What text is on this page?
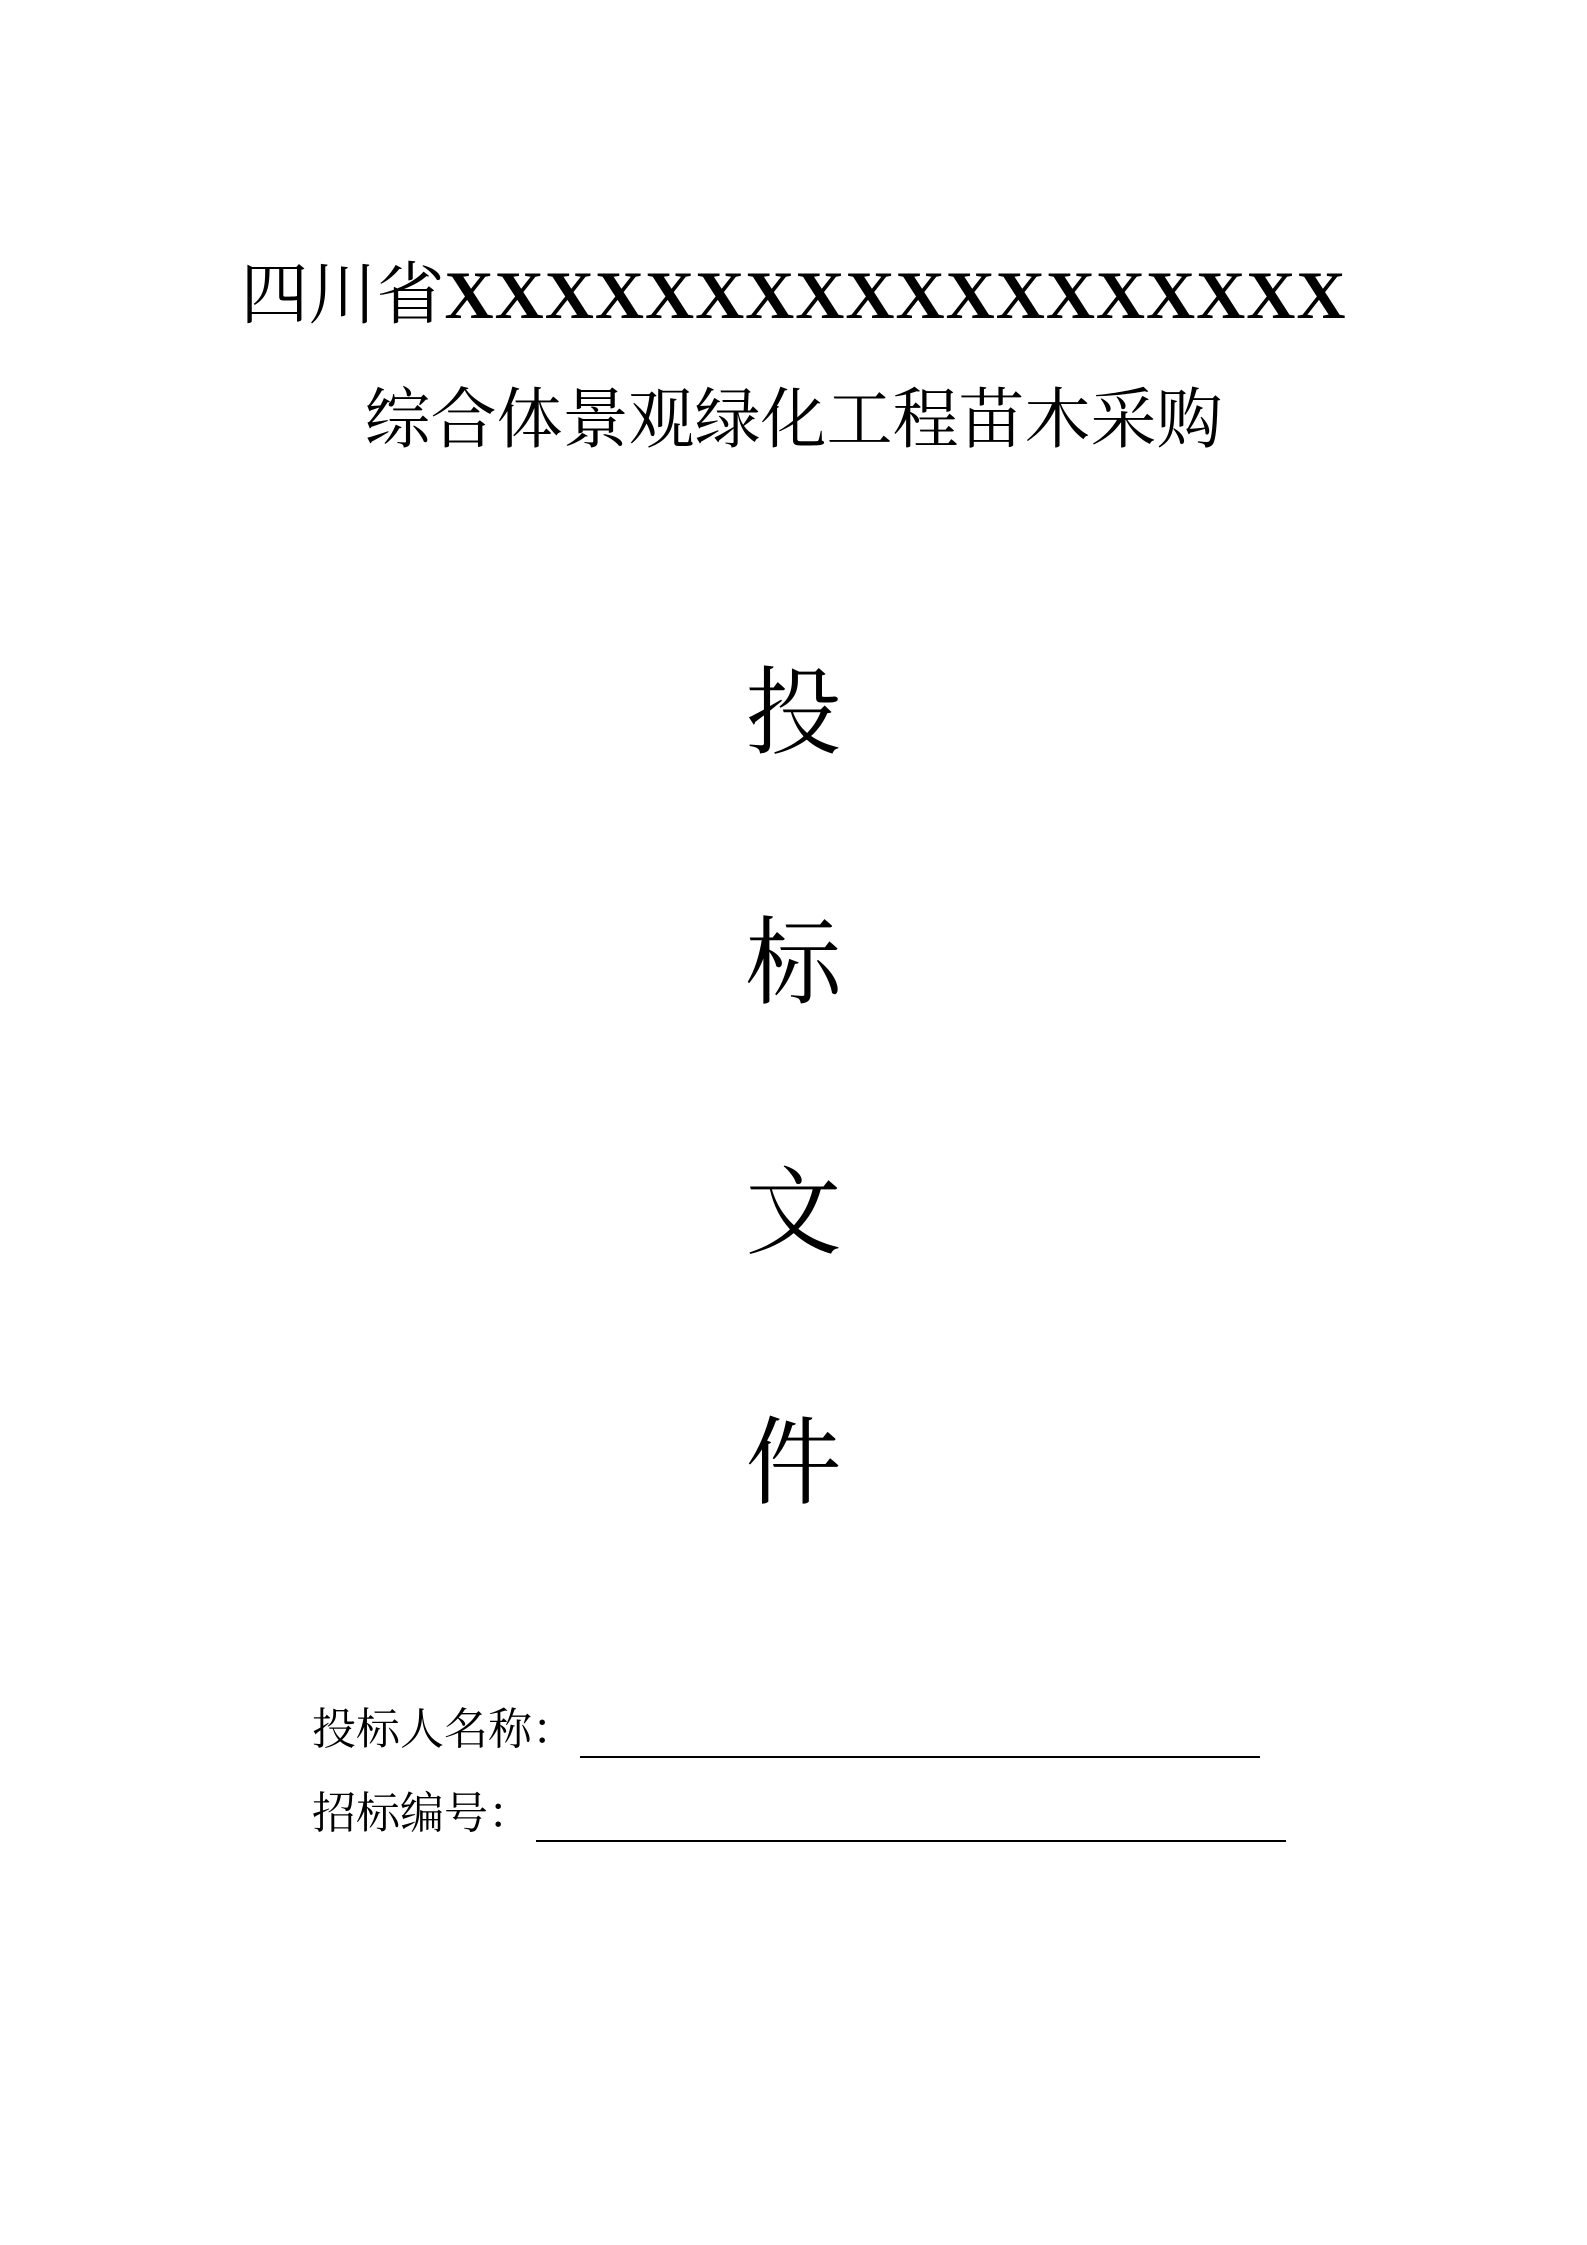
四川省XXXXXXXXXXXXXXXXXX
综合体景观绿化工程苗木采购
投
标
文
件
投标人名称：
招标编号：
